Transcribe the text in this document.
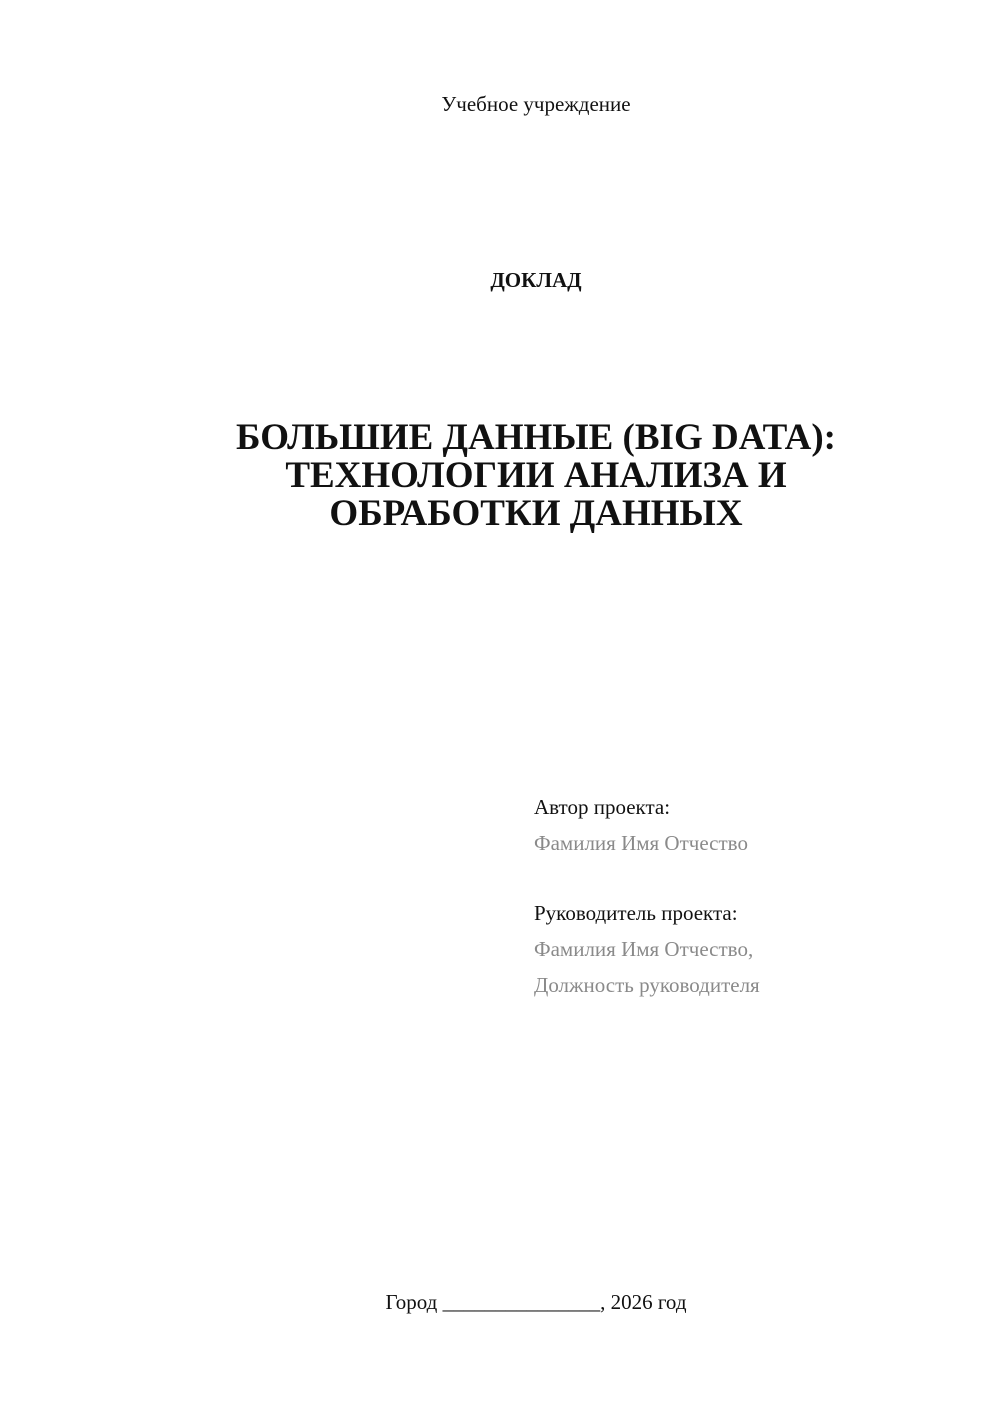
Учебное учреждение
ДОКЛАД
БОЛЬШИЕ ДАННЫЕ (BIG DATA):
ТЕХНОЛОГИИ АНАЛИЗА И
ОБРАБОТКИ ДАННЫХ
Автор проекта:
Фамилия Имя Отчество
Руководитель проекта:
Фамилия Имя Отчество,
Должность руководителя
Город _______________, 2026 год
